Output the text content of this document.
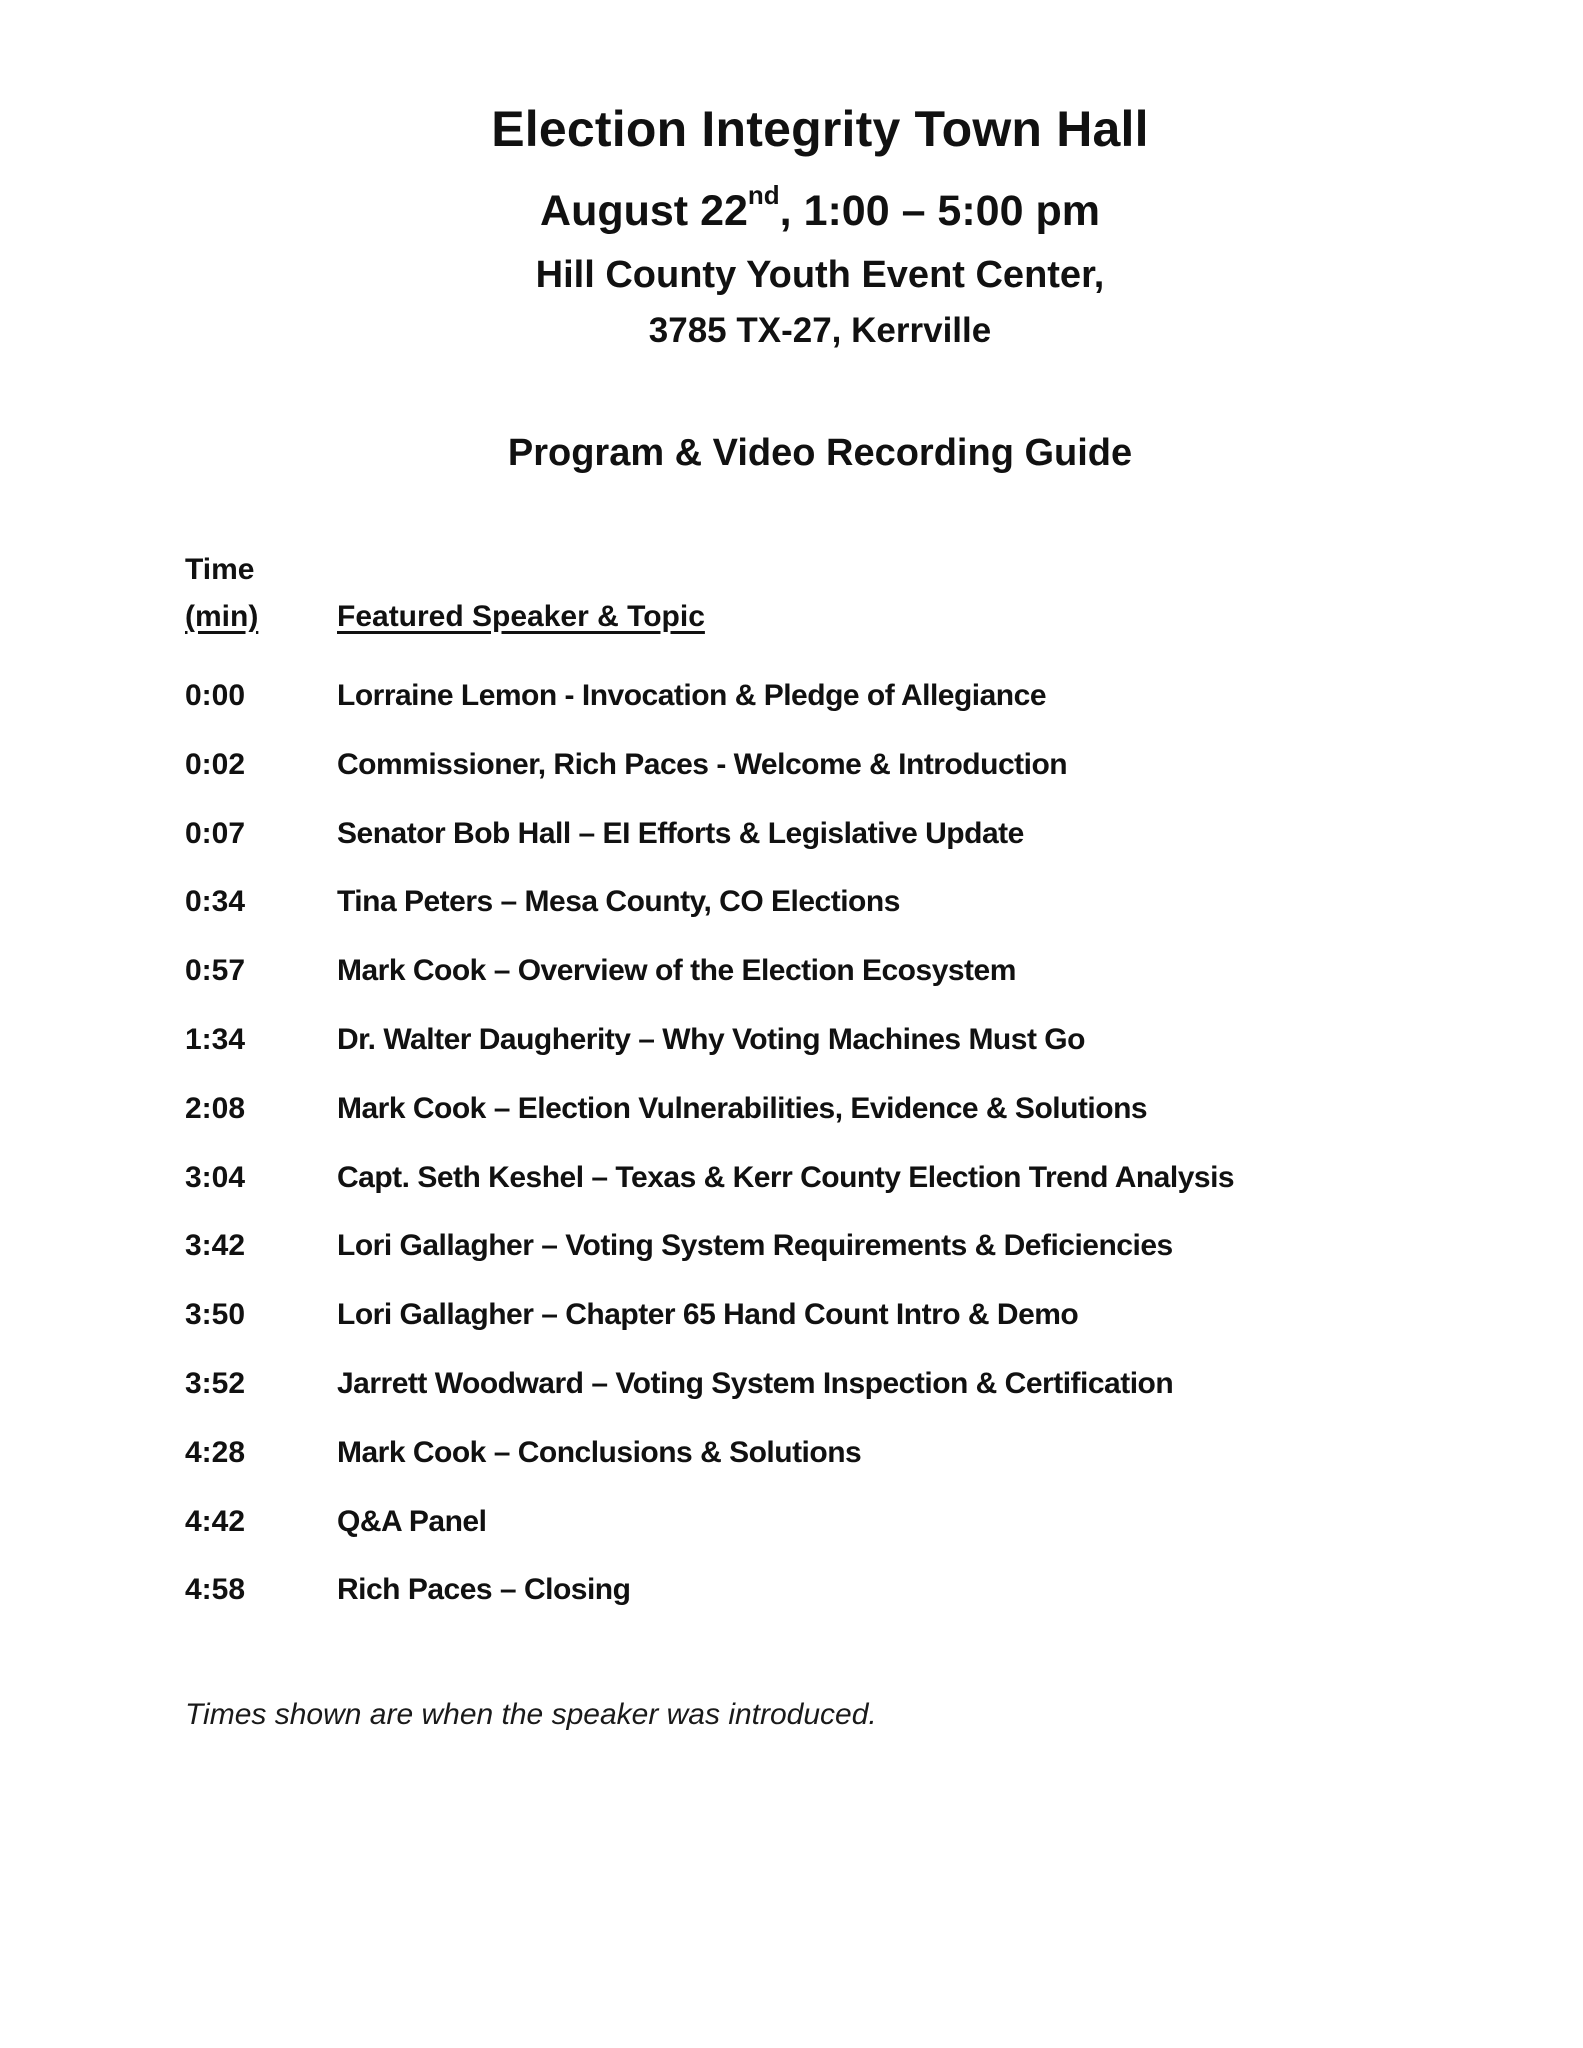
Election Integrity Town Hall
August 22nd, 1:00 – 5:00 pm
Hill County Youth Event Center,
3785 TX-27, Kerrville
Program & Video Recording Guide
Time
(min)	Featured Speaker & Topic
0:00	Lorraine Lemon - Invocation & Pledge of Allegiance
0:02	Commissioner, Rich Paces - Welcome & Introduction
0:07	Senator Bob Hall – EI Efforts & Legislative Update
0:34	Tina Peters – Mesa County, CO Elections
0:57	Mark Cook – Overview of the Election Ecosystem
1:34	Dr. Walter Daugherity – Why Voting Machines Must Go
2:08	Mark Cook – Election Vulnerabilities, Evidence & Solutions
3:04	Capt. Seth Keshel – Texas & Kerr County Election Trend Analysis
3:42	Lori Gallagher – Voting System Requirements & Deficiencies
3:50	Lori Gallagher – Chapter 65 Hand Count Intro & Demo
3:52	Jarrett Woodward – Voting System Inspection & Certification
4:28	Mark Cook – Conclusions & Solutions
4:42	Q&A Panel
4:58	Rich Paces – Closing
Times shown are when the speaker was introduced.
